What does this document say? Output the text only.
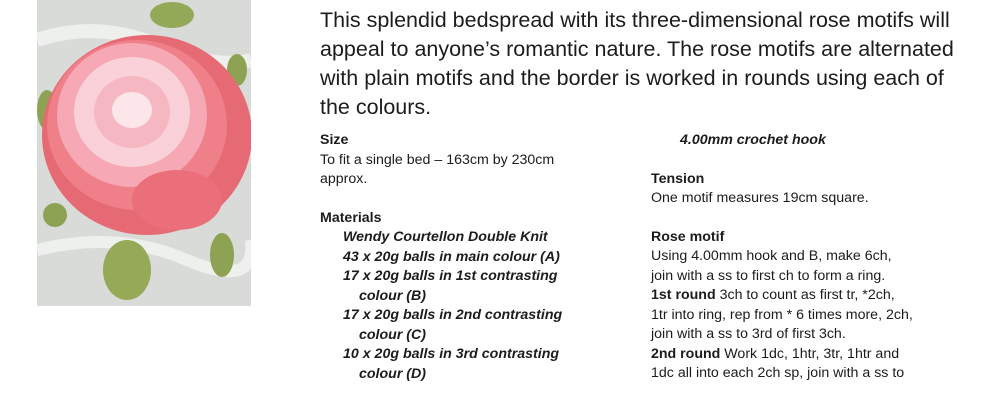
This splendid bedspread with its three-dimensional rose motifs will appeal to anyone’s romantic nature. The rose motifs are alternated with plain motifs and the border is worked in rounds using each of the colours.

Size
To fit a single bed – 163cm by 230cm
approx.
Materials
Wendy Courtellon Double Knit
43 x 20g balls in main colour (A)
17 x 20g balls in 1st contrasting
colour (B)
17 x 20g balls in 2nd contrasting
colour (C)
10 x 20g balls in 3rd contrasting
colour (D)
4.00mm crochet hook
Tension
One motif measures 19cm square.
Rose motif
Using 4.00mm hook and B, make 6ch,
join with a ss to first ch to form a ring.
1st round 3ch to count as first tr, *2ch,
1tr into ring, rep from * 6 times more, 2ch,
join with a ss to 3rd of first 3ch.
2nd round Work 1dc, 1htr, 3tr, 1htr and
1dc all into each 2ch sp, join with a ss to
